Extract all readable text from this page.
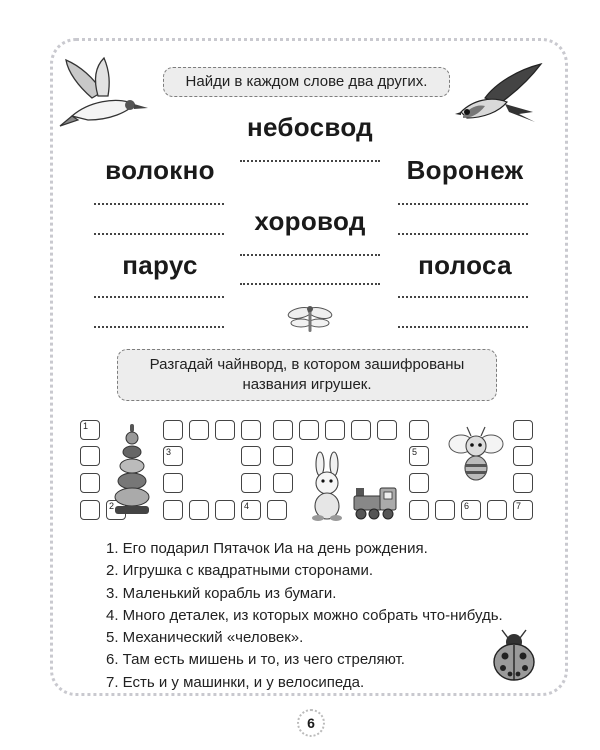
Найди в каждом слове два других.
небосвод
волокно	Воронеж
хоровод
парус	полоса
Разгадай чайнворд, в котором зашифрованы
названия игрушек.
1
2
3
4
5
6	7
1. Его подарил Пятачок Иа на день рождения.
2. Игрушка с квадратными сторонами.
3. Маленький корабль из бумаги.
4. Много деталек, из которых можно собрать что-нибудь.
5. Механический «человек».
6. Там есть мишень и то, из чего стреляют.
7. Есть и у машинки, и у велосипеда.
6
